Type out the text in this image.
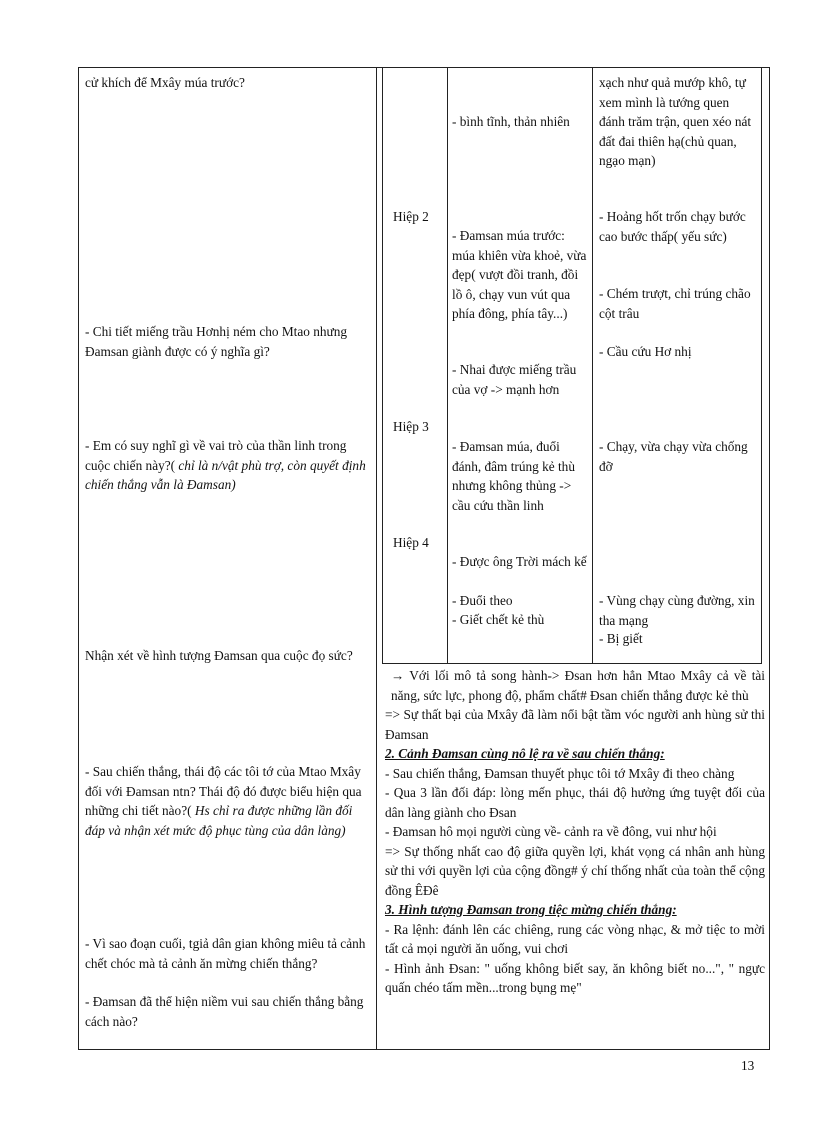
cử khích để Mxây múa trước?

- Chi tiết miếng trầu Hơnhị ném cho Mtao nhưng Đamsan giành được có ý nghĩa gì?

- Em có suy nghĩ gì về vai trò của thần linh trong cuộc chiến này?( chỉ là n/vật phù trợ, còn quyết định chiến thắng vẫn là Đamsan)

Nhận xét về hình tượng Đamsan qua cuộc đọ sức?

- Sau chiến thắng, thái độ các tôi tớ của Mtao Mxây đối với Đamsan ntn? Thái độ đó được biểu hiện qua những chi tiết nào?( Hs chỉ ra được những lần đối đáp và nhận xét mức độ phục tùng của dân làng)

- Vì sao đoạn cuối, tgiả dân gian không miêu tả cảnh chết chóc mà tả cảnh ăn mừng chiến thắng?

- Đamsan đã thể hiện niềm vui sau chiến thắng bằng cách nào?

Hiệp 2

Hiệp 3

Hiệp 4

- bình tĩnh, thản nhiên

- Đamsan múa trước: múa khiên vừa khoẻ, vừa đẹp( vượt đồi tranh, đồi lồ ô, chạy vun vút qua phía đông, phía tây...)

- Nhai được miếng trầu của vợ -> mạnh hơn

- Đamsan múa, đuổi đánh, đâm trúng kẻ thù nhưng không thủng -> cầu cứu thần linh

- Được ông Trời mách kế

- Đuổi theo

- Giết chết kẻ thù

xạch như quả mướp khô, tự xem mình là tướng quen đánh trăm trận, quen xéo nát đất đai thiên hạ(chủ quan, ngạo mạn)

- Hoảng hốt trốn chạy bước cao bước thấp( yếu sức)

- Chém trượt, chỉ trúng chão cột trâu

- Cầu cứu Hơ nhị

- Chạy, vừa chạy vừa chống đỡ

- Vùng chạy cùng đường, xin tha mạng

- Bị giết

→ Với lối mô tả song hành-> Đsan hơn hẳn Mtao Mxây cả về tài năng, sức lực, phong độ, phẩm chất# Đsan chiến thắng được kẻ thù

=> Sự thất bại của Mxây đã làm nổi bật tầm vóc người anh hùng sử thi Đamsan

2. Cảnh Đamsan cùng nô lệ ra về sau chiến thắng:

- Sau chiến thắng, Đamsan thuyết phục tôi tớ Mxây đi theo chàng

- Qua 3 lần đối đáp: lòng mến phục, thái độ hưởng ứng tuyệt đối của dân làng giành cho Đsan

- Đamsan hô mọi người cùng về- cảnh ra về đông, vui như hội

=> Sự thống nhất cao độ giữa quyền lợi, khát vọng cá nhân anh hùng sử thi với quyền lợi của cộng đồng# ý chí thống nhất của toàn thể cộng đồng ÊĐê

3. Hình tượng Đamsan trong tiệc mừng chiến thắng:

- Ra lệnh: đánh lên các chiêng, rung các vòng nhạc, & mở tiệc to mời tất cả mọi người ăn uống, vui chơi

- Hình ảnh Đsan: " uống không biết say, ăn không biết no...", " ngực quấn chéo tấm mền...trong bụng mẹ"

13
